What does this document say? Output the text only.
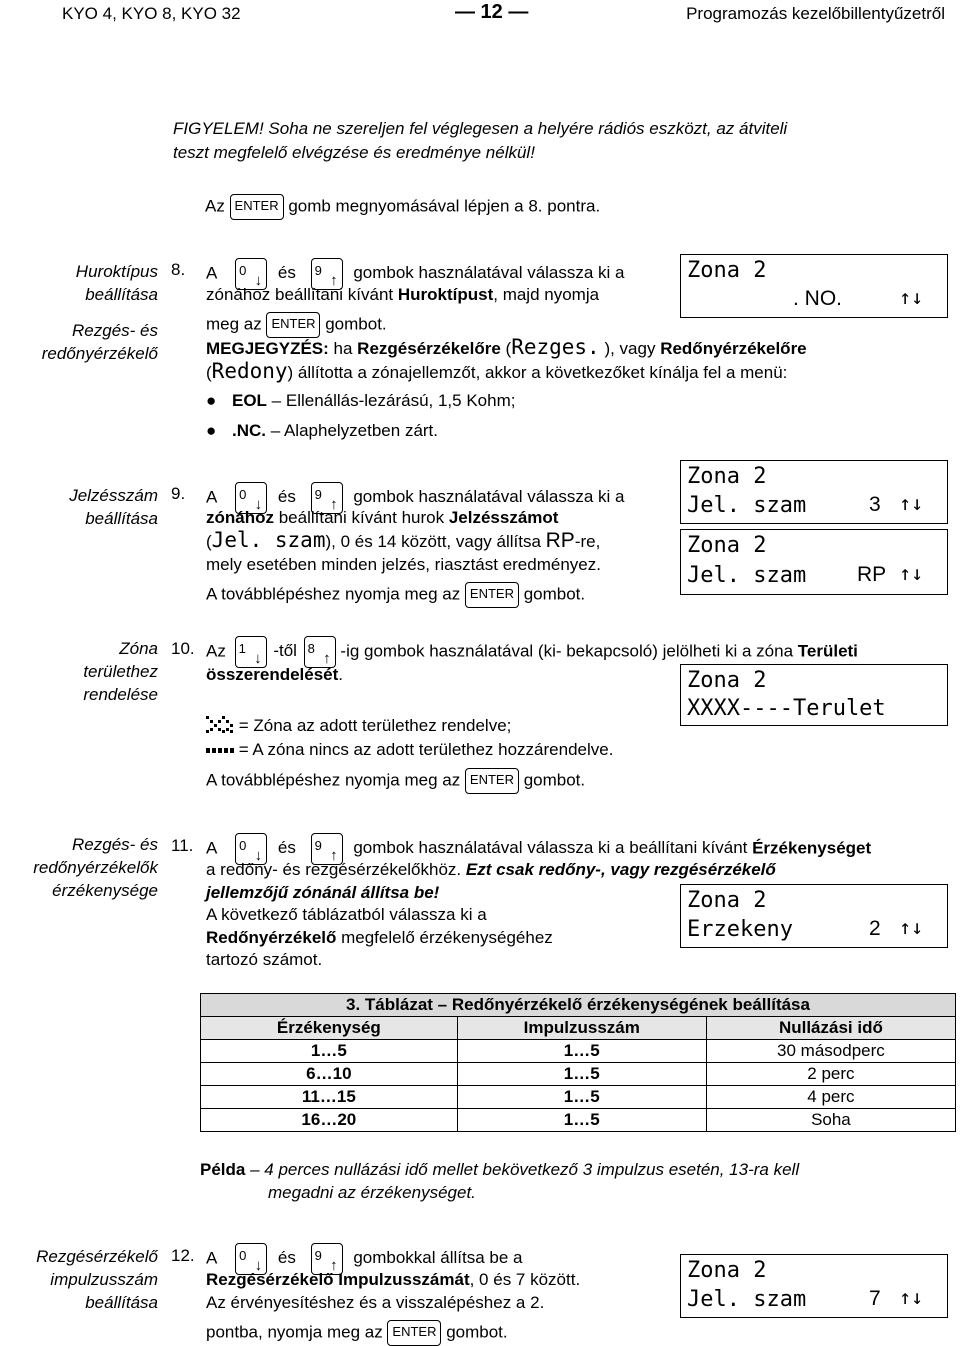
KYO 4, KYO 8, KYO 32	— 12 —	Programozás kezelőbillentyűzetről
FIGYELEM! Soha ne szereljen fel véglegesen a helyére rádiós eszközt, az átviteli
teszt megfelelő elvégzése és eredménye nélkül!
Az ENTER gomb megnyomásával lépjen a 8. pontra.
Huroktípus
beállítása
Rezgés- és
redőnyérzékelő
8. A 0
↓ és 9
↑ gombok használatával válassza ki a
zónához beállítani kívánt Huroktípust, majd nyomja
meg az ENTER gombot.
MEGJEGYZÉS: ha Rezgésérzékelőre (Rezges. ), vagy Redőnyérzékelőre
(Redony) állította a zónajellemzőt, akkor a következőket kínálja fel a menü:
● EOL – Ellenállás-lezárású, 1,5 Kohm;
● .NC. – Alaphelyzetben zárt.
Zona 2
. NO.	↑↓
Jelzésszám
beállítása
9. A 0
↓ és 9
↑ gombok használatával válassza ki a
zónához beállítani kívánt hurok Jelzésszámot
(Jel. szam), 0 és 14 között, vagy állítsa RP-re,
mely esetében minden jelzés, riasztást eredményez.
A továbblépéshez nyomja meg az ENTER gombot.
Zona 2
Jel. szam	3 ↑↓
Zona 2
Jel. szam RP ↑↓
Zóna
területhez
rendelése
10. Az 1
↓ -től 8
↑ -ig gombok használatával (ki- bekapcsoló) jelölheti ki a zóna Területi
összerendelését.
= Zóna az adott területhez rendelve;
= A zóna nincs az adott területhez hozzárendelve.
A továbblépéshez nyomja meg az ENTER gombot.
Zona 2
XXXX----Terulet
Rezgés- és
redőnyérzékelők
érzékenysége
11. A 0
↓ és 9
↑ gombok használatával válassza ki a beállítani kívánt Érzékenységet
a redőny- és rezgésérzékelőkhöz. Ezt csak redőny-, vagy rezgésérzékelő
jellemzőjű zónánál állítsa be!
A következő táblázatból válassza ki a
Redőnyérzékelő megfelelő érzékenységéhez
tartozó számot.
Zona 2
Erzekeny	2 ↑↓
3. Táblázat – Redőnyérzékelő érzékenységének beállítása		
Érzékenység	Impulzusszám	Nullázási idő
1…5	1…5	30 másodperc
6…10	1…5	2 perc
11…15	1…5	4 perc
16…20	1…5	Soha
Példa – 4 perces nullázási idő mellet bekövetkező 3 impulzus esetén, 13-ra kell
megadni az érzékenységet.
Rezgésérzékelő
impulzusszám
beállítása
12. A 0
↓ és 9
↑ gombokkal állítsa be a
Rezgésérzékelő Impulzusszámát, 0 és 7 között.
Az érvényesítéshez és a visszalépéshez a 2.
pontba, nyomja meg az ENTER gombot.
Zona 2
Jel. szam	7 ↑↓
